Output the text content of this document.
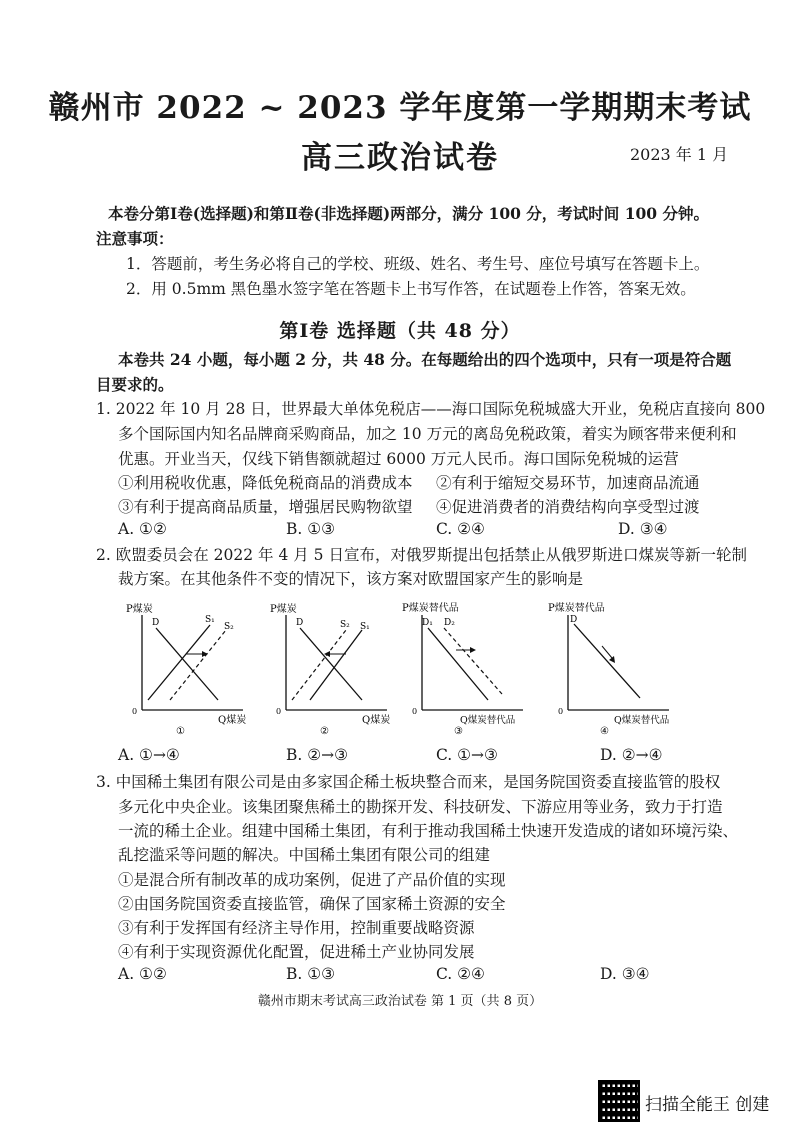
赣州市 2022 ~ 2023 学年度第一学期期末考试
高三政治试卷	2023 年 1 月
本卷分第Ⅰ卷(选择题)和第Ⅱ卷(非选择题)两部分，满分 100 分，考试时间 100 分钟。
注意事项：
1．答题前，考生务必将自己的学校、班级、姓名、考生号、座位号填写在答题卡上。
2．用 0.5mm 黑色墨水签字笔在答题卡上书写作答，在试题卷上作答，答案无效。
第Ⅰ卷 选择题（共 48 分）
本卷共 24 小题，每小题 2 分，共 48 分。在每题给出的四个选项中，只有一项是符合题
目要求的。
1. 2022 年 10 月 28 日，世界最大单体免税店——海口国际免税城盛大开业，免税店直接向 800
多个国际国内知名品牌商采购商品，加之 10 万元的离岛免税政策，着实为顾客带来便利和
优惠。开业当天，仅线下销售额就超过 6000 万元人民币。海口国际免税城的运营
①利用税收优惠，降低免税商品的消费成本 ②有利于缩短交易环节，加速商品流通
③有利于提高商品质量，增强居民购物欲望 ④促进消费者的消费结构向享受型过渡
A. ①②	B. ①③	C. ②④	D. ③④
2. 欧盟委员会在 2022 年 4 月 5 日宣布，对俄罗斯提出包括禁止从俄罗斯进口煤炭等新一轮制
裁方案。在其他条件不变的情况下，该方案对欧盟国家产生的影响是
P煤炭
0
Q煤炭
①
D	S₁
S₂
P煤炭
0
Q煤炭
②
D	S₂ S₁
P煤炭替代品
0
Q煤炭替代品
③
D₁ D₂
P煤炭替代品
0
Q煤炭替代品
④
D
A. ①→④	B. ②→③	C. ①→③	D. ②→④
3. 中国稀土集团有限公司是由多家国企稀土板块整合而来，是国务院国资委直接监管的股权
多元化中央企业。该集团聚焦稀土的勘探开发、科技研发、下游应用等业务，致力于打造
一流的稀土企业。组建中国稀土集团，有利于推动我国稀土快速开发造成的诸如环境污染、
乱挖滥采等问题的解决。中国稀土集团有限公司的组建
①是混合所有制改革的成功案例，促进了产品价值的实现
②由国务院国资委直接监管，确保了国家稀土资源的安全
③有利于发挥国有经济主导作用，控制重要战略资源
④有利于实现资源优化配置，促进稀土产业协同发展
A. ①②	B. ①③	C. ②④	D. ③④
赣州市期末考试高三政治试卷 第 1 页（共 8 页）
扫描全能王 创建
